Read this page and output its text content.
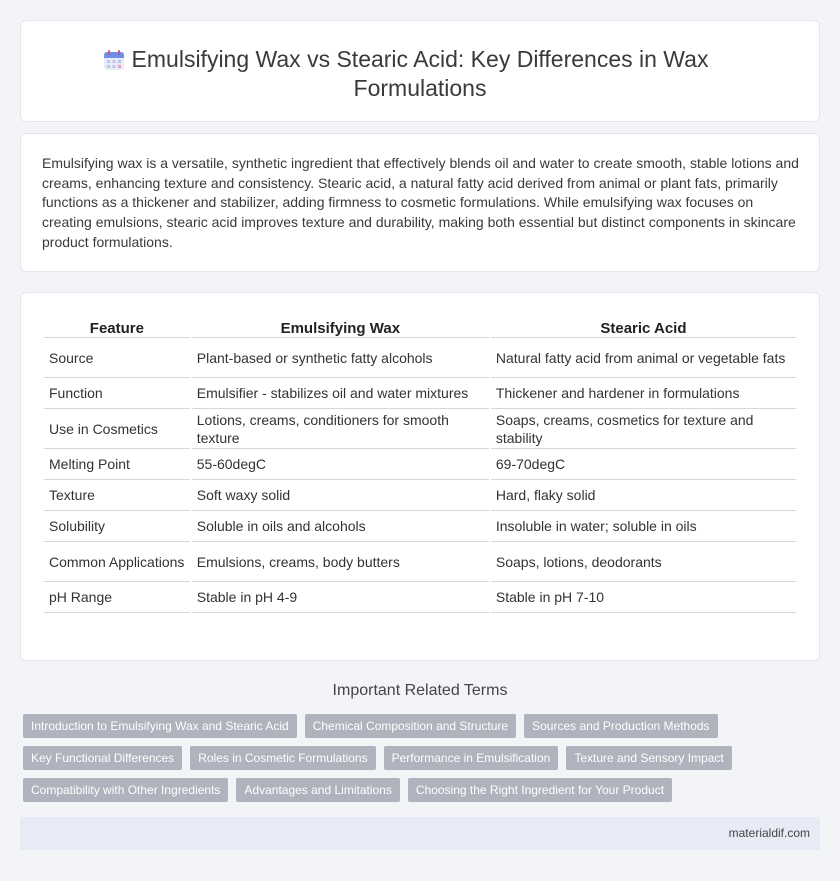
Emulsifying Wax vs Stearic Acid: Key Differences in Wax Formulations

Emulsifying wax is a versatile, synthetic ingredient that effectively blends oil and water to create smooth, stable lotions and creams, enhancing texture and consistency. Stearic acid, a natural fatty acid derived from animal or plant fats, primarily functions as a thickener and stabilizer, adding firmness to cosmetic formulations. While emulsifying wax focuses on creating emulsions, stearic acid improves texture and durability, making both essential but distinct components in skincare product formulations.

Feature	Emulsifying Wax	Stearic Acid
Source	Plant-based or synthetic fatty alcohols	Natural fatty acid from animal or vegetable fats
Function	Emulsifier - stabilizes oil and water mixtures	Thickener and hardener in formulations
Use in Cosmetics	Lotions, creams, conditioners for smooth texture	Soaps, creams, cosmetics for texture and stability
Melting Point	55-60degC	69-70degC
Texture	Soft waxy solid	Hard, flaky solid
Solubility	Soluble in oils and alcohols	Insoluble in water; soluble in oils
Common Applications	Emulsions, creams, body butters	Soaps, lotions, deodorants
pH Range	Stable in pH 4-9	Stable in pH 7-10
Important Related Terms
Introduction to Emulsifying Wax and Stearic Acid	Chemical Composition and Structure	Sources and Production Methods
Key Functional Differences	Roles in Cosmetic Formulations	Performance in Emulsification	Texture and Sensory Impact
Compatibility with Other Ingredients	Advantages and Limitations	Choosing the Right Ingredient for Your Product
materialdif.com
